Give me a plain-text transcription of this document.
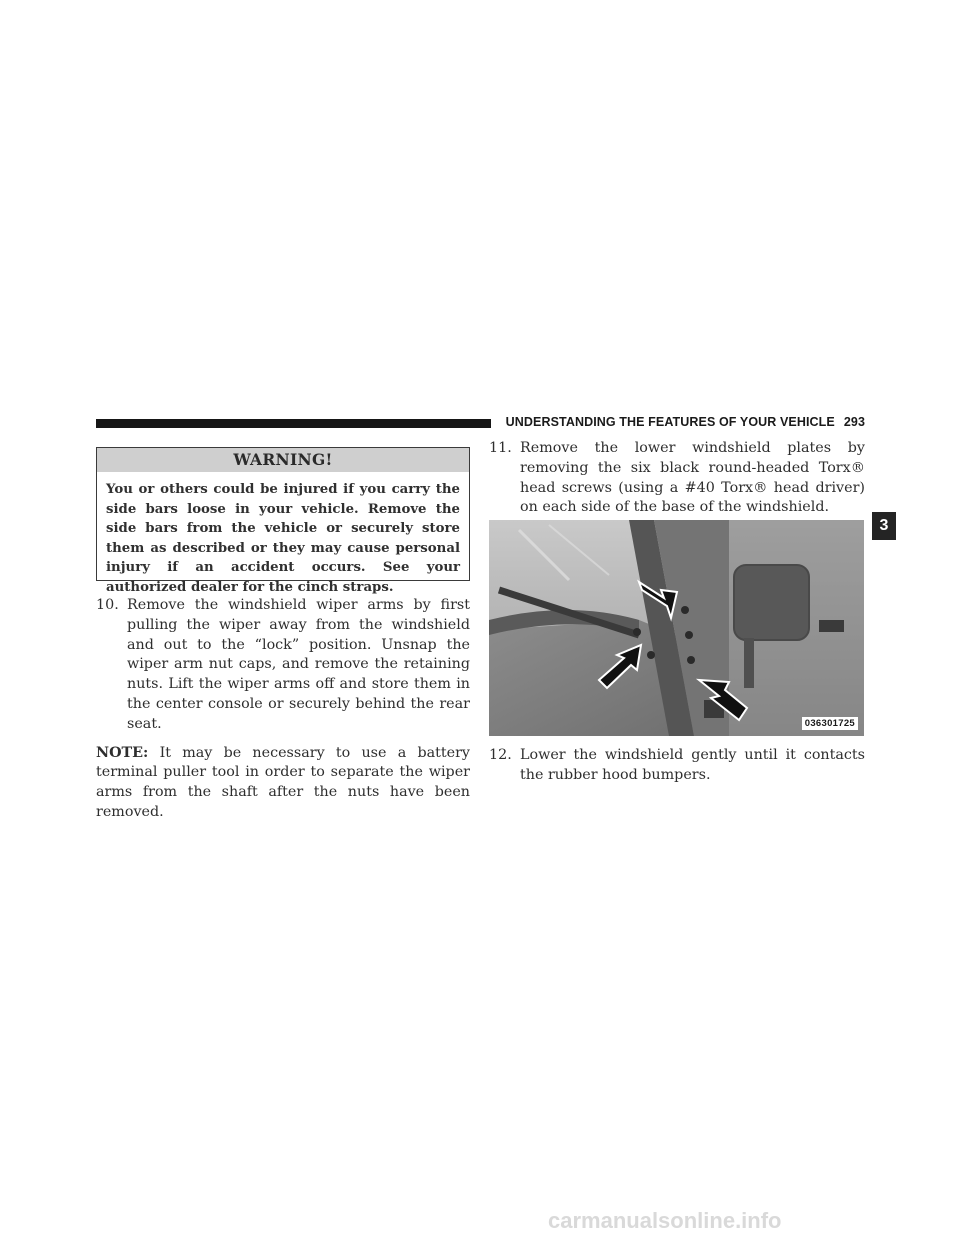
UNDERSTANDING THE FEATURES OF YOUR VEHICLE 293
3
WARNING!
You or others could be injured if you carry the side bars loose in your vehicle. Remove the side bars from the vehicle or securely store them as described or they may cause personal injury if an accident occurs. See your authorized dealer for the cinch straps.
10. Remove the windshield wiper arms by first pulling the wiper away from the windshield and out to the “lock” position. Unsnap the wiper arm nut caps, and remove the retaining nuts. Lift the wiper arms off and store them in the center console or securely behind the rear seat.
NOTE: It may be necessary to use a battery terminal puller tool in order to separate the wiper arms from the shaft after the nuts have been removed.
11. Remove the lower windshield plates by removing the six black round-headed Torx® head screws (using a #40 Torx® head driver) on each side of the base of the windshield.
036301725
12. Lower the windshield gently until it contacts the rubber hood bumpers.
carmanualsonline.info
